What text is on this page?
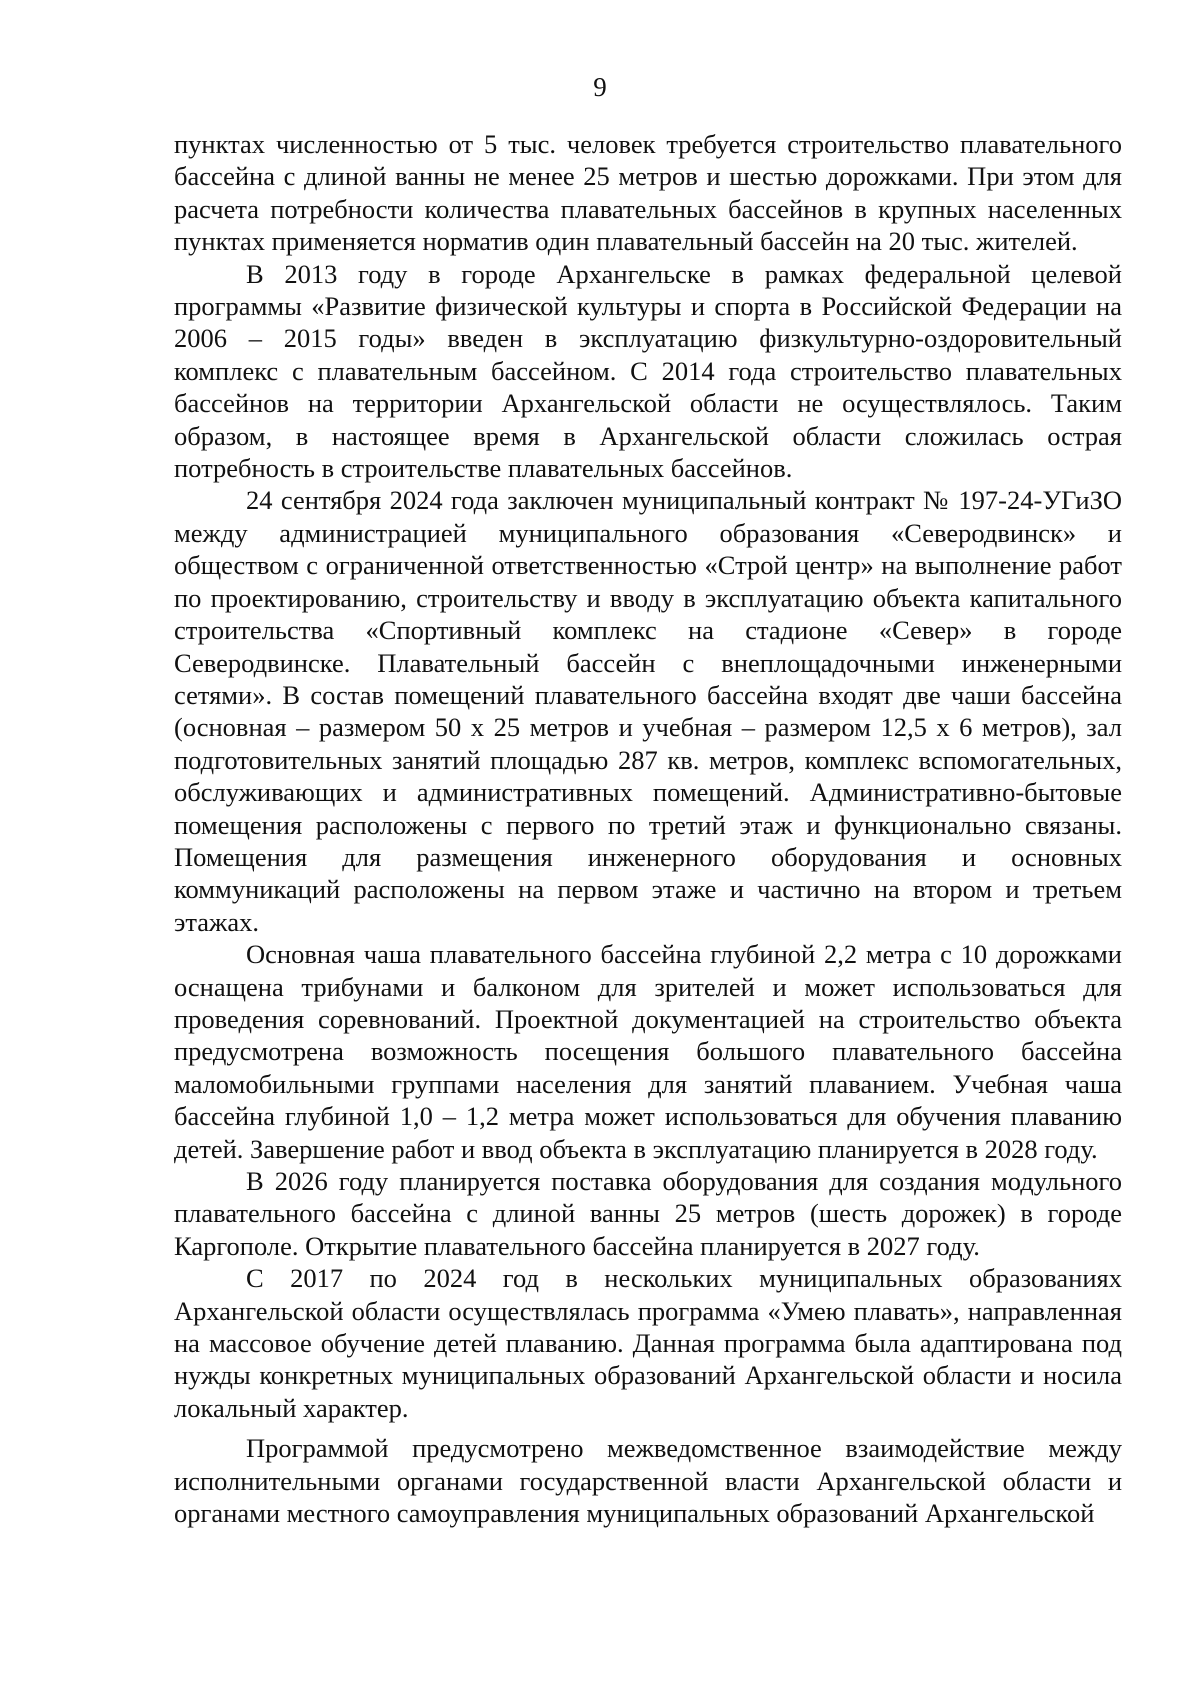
9

пунктах численностью от 5 тыс. человек требуется строительство плавательного бассейна с длиной ванны не менее 25 метров и шестью дорожками. При этом для расчета потребности количества плавательных бассейнов в крупных населенных пунктах применяется норматив один плавательный бассейн на 20 тыс. жителей.

В 2013 году в городе Архангельске в рамках федеральной целевой программы «Развитие физической культуры и спорта в Российской Федерации на 2006 – 2015 годы» введен в эксплуатацию физкультурно-оздоровительный комплекс с плавательным бассейном. С 2014 года строительство плавательных бассейнов на территории Архангельской области не осуществлялось. Таким образом, в настоящее время в Архангельской области сложилась острая потребность в строительстве плавательных бассейнов.

24 сентября 2024 года заключен муниципальный контракт № 197-24-УГиЗО между администрацией муниципального образования «Северодвинск» и обществом с ограниченной ответственностью «Строй центр» на выполнение работ по проектированию, строительству и вводу в эксплуатацию объекта капитального строительства «Спортивный комплекс на стадионе «Север» в городе Северодвинске. Плавательный бассейн с внеплощадочными инженерными сетями». В состав помещений плавательного бассейна входят две чаши бассейна (основная – размером 50 х 25 метров и учебная – размером 12,5 х 6 метров), зал подготовительных занятий площадью 287 кв. метров, комплекс вспомогательных, обслуживающих и административных помещений. Административно-бытовые помещения расположены с первого по третий этаж и функционально связаны. Помещения для размещения инженерного оборудования и основных коммуникаций расположены на первом этаже и частично на втором и третьем этажах.

Основная чаша плавательного бассейна глубиной 2,2 метра с 10 дорожками оснащена трибунами и балконом для зрителей и может использоваться для проведения соревнований. Проектной документацией на строительство объекта предусмотрена возможность посещения большого плавательного бассейна маломобильными группами населения для занятий плаванием. Учебная чаша бассейна глубиной 1,0 – 1,2 метра может использоваться для обучения плаванию детей. Завершение работ и ввод объекта в эксплуатацию планируется в 2028 году.

В 2026 году планируется поставка оборудования для создания модульного плавательного бассейна с длиной ванны 25 метров (шесть дорожек) в городе Каргополе. Открытие плавательного бассейна планируется в 2027 году.

С 2017 по 2024 год в нескольких муниципальных образованиях Архангельской области осуществлялась программа «Умею плавать», направленная на массовое обучение детей плаванию. Данная программа была адаптирована под нужды конкретных муниципальных образований Архангельской области и носила локальный характер.

Программой предусмотрено межведомственное взаимодействие между исполнительными органами государственной власти Архангельской области и органами местного самоуправления муниципальных образований Архангельской
